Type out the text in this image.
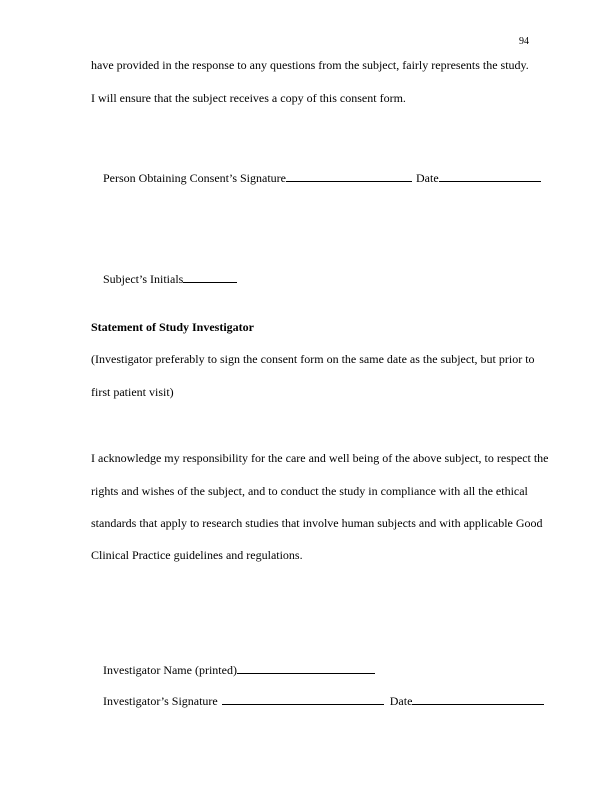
94
have provided in the response to any questions from the subject, fairly represents the study.
I will ensure that the subject receives a copy of this consent form.

Person Obtaining Consent’s Signature	Date

Subject’s Initials

Statement of Study Investigator
(Investigator preferably to sign the consent form on the same date as the subject, but prior to
first patient visit)
I acknowledge my responsibility for the care and well being of the above subject, to respect the
rights and wishes of the subject, and to conduct the study in compliance with all the ethical
standards that apply to research studies that involve human subjects and with applicable Good
Clinical Practice guidelines and regulations.

Investigator Name (printed)

Investigator’s Signature	Date
